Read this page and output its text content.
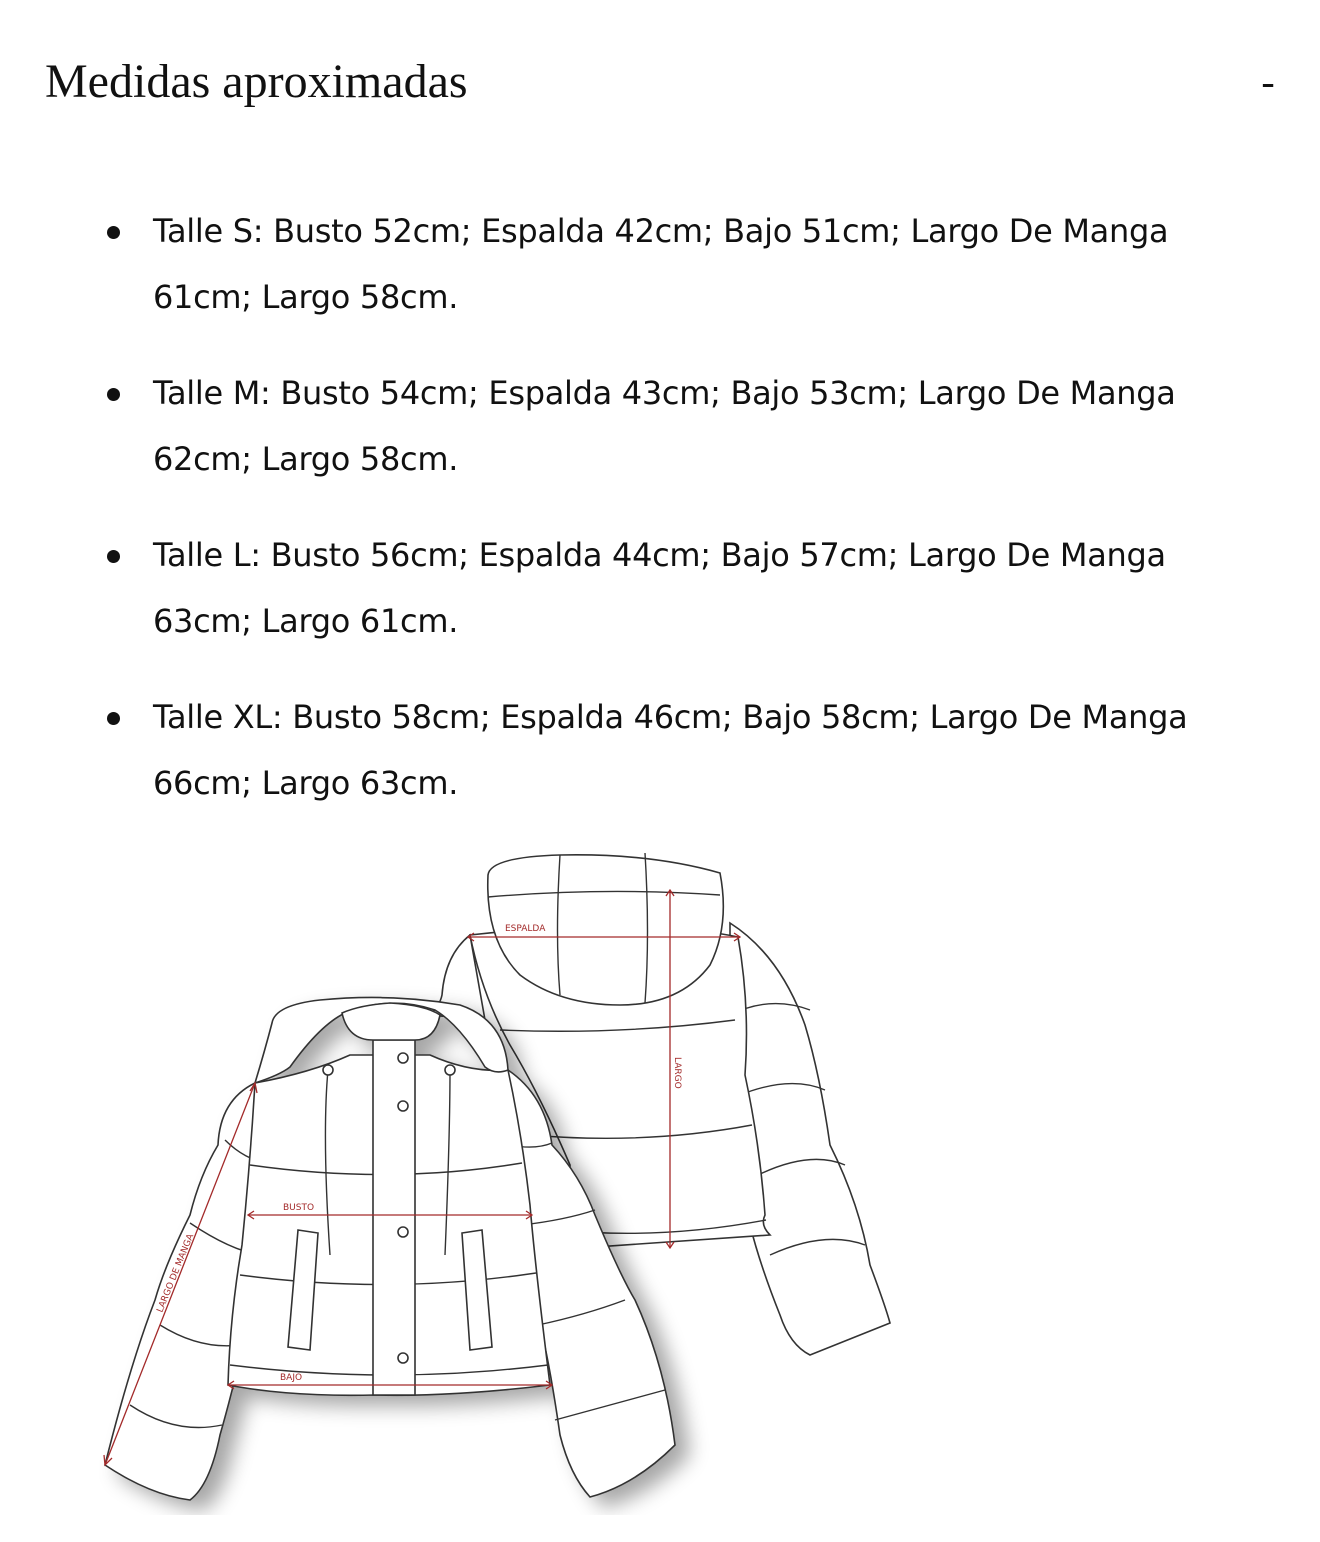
Medidas aproximadas	-
Talle S: Busto 52cm; Espalda 42cm; Bajo 51cm; Largo De Manga
61cm; Largo 58cm.
Talle M: Busto 54cm; Espalda 43cm; Bajo 53cm; Largo De Manga
62cm; Largo 58cm.
Talle L: Busto 56cm; Espalda 44cm; Bajo 57cm; Largo De Manga
63cm; Largo 61cm.
Talle XL: Busto 58cm; Espalda 46cm; Bajo 58cm; Largo De Manga
66cm; Largo 63cm.
ESPALDA
LARGO
BUSTO
BAJO
LARGO DE MANGA
